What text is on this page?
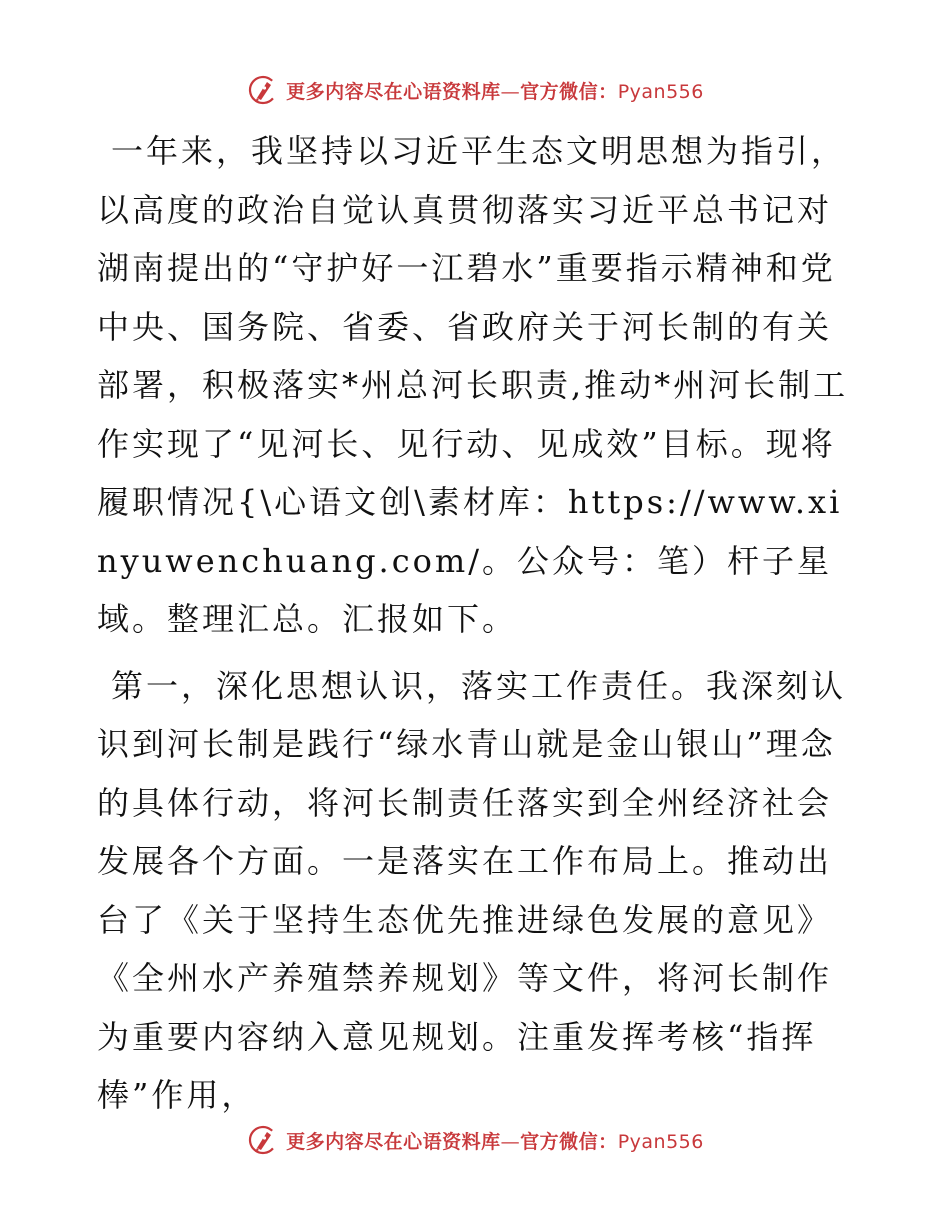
更多内容尽在心语资料库—官方微信：Pyan556

一年来，我坚持以习近平生态文明思想为指引，以高度的政治自觉认真贯彻落实习近平总书记对湖南提出的“守护好一江碧水”重要指示精神和党中央、国务院、省委、省政府关于河长制的有关部署，积极落实*州总河长职责,推动*州河长制工作实现了“见河长、见行动、见成效”目标。现将履职情况{\心语文创\素材库：https://www.xinyuwenchuang.com/。公众号：笔）杆子星域。整理汇总。汇报如下。

第一，深化思想认识，落实工作责任。我深刻认识到河长制是践行“绿水青山就是金山银山”理念的具体行动，将河长制责任落实到全州经济社会发展各个方面。一是落实在工作布局上。推动出台了《关于坚持生态优先推进绿色发展的意见》《全州水产养殖禁养规划》等文件，将河长制作为重要内容纳入意见规划。注重发挥考核“指挥棒”作用，

更多内容尽在心语资料库—官方微信：Pyan556
